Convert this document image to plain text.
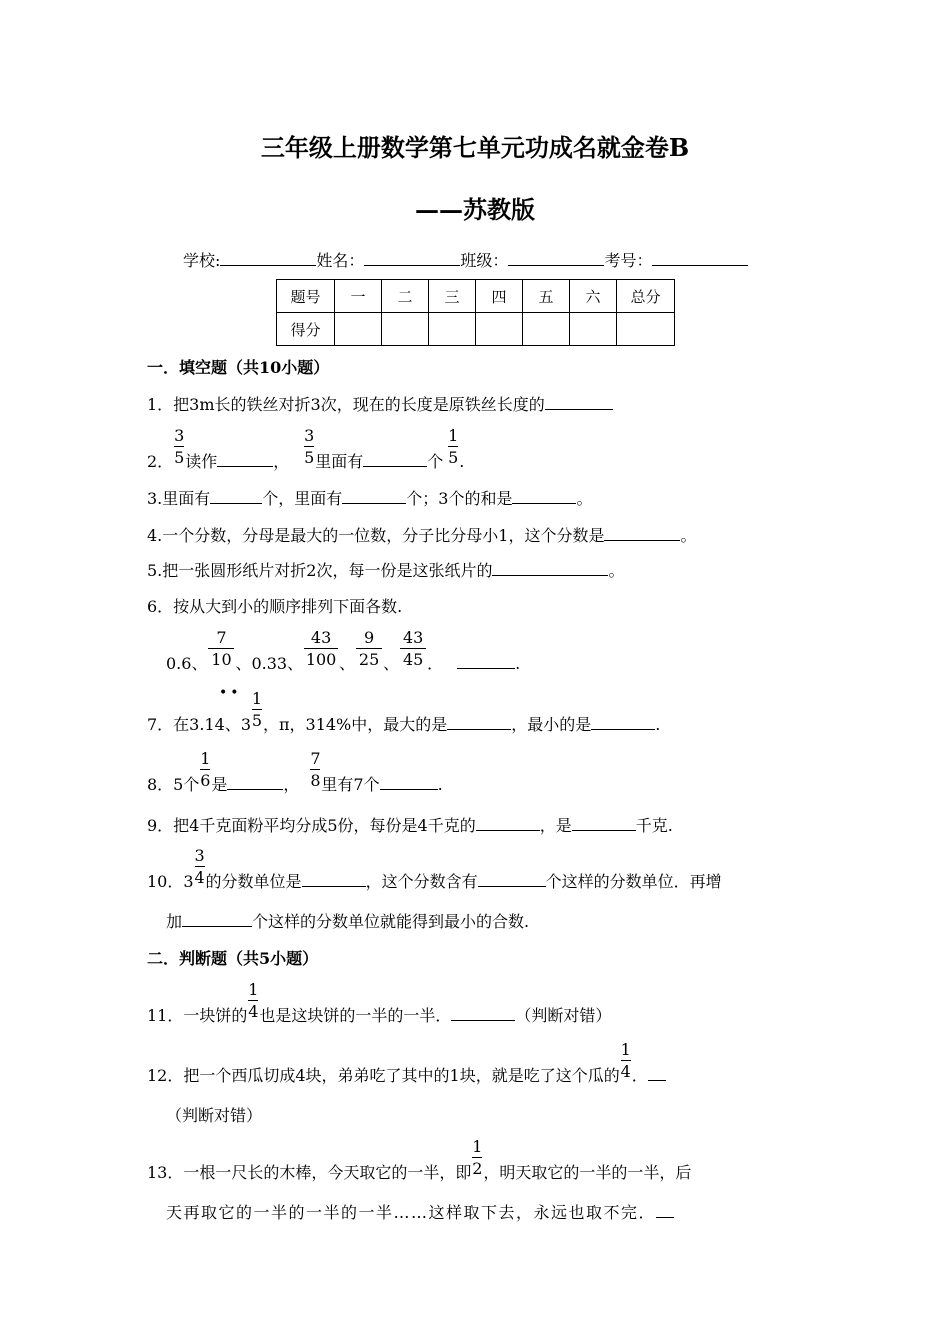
三年级上册数学第七单元功成名就金卷B
——苏教版
学校:	姓名：	班级：	考号：
题号	一	二	三	四	五	六	总分
得分							
一．填空题（共10小题）
1．把3m长的铁丝对折3次，现在的长度是原铁丝长度的
2． $\frac{3}{5}$ 读作	， $\frac{3}{5}$ 里面有	个 $\frac{1}{5}$ .
3.里面有	个，里面有	个；3个的和是	。
4.一个分数，分母是最大的一位数，分子比分母小1，这个分数是	。
5.把一张圆形纸片对折2次，每一份是这张纸片的	。
6．按从大到小的顺序排列下面各数.
0.6、 $\frac{7}{10}$ 、0.33、 $\frac{43}{100}$ 、 $\frac{9}{25}$ 、 $\frac{43}{45}$ ．	.
••
7．在3.14、$3 \frac{1}{5}$ ，π，314%中，最大的是	，最小的是	.
8．5个 $\frac{1}{6}$ 是	， $\frac{7}{8}$ 里有7个	.
9．把4千克面粉平均分成5份，每份是4千克的	，是	千克.
10．$3 \frac{3}{4}$ 的分数单位是	，这个分数含有	个这样的分数单位．再增
加	个这样的分数单位就能得到最小的合数.
二．判断题（共5小题）
11．一块饼的 $\frac{1}{4}$ 也是这块饼的一半的一半．	（判断对错）
12．把一个西瓜切成4块，弟弟吃了其中的1块，就是吃了这个瓜的 $\frac{1}{4}$ ．
（判断对错）
13．一根一尺长的木棒，今天取它的一半，即 $\frac{1}{2}$ ，明天取它的一半的一半，后
天再取它的一半的一半的一半……这样取下去，永远也取不完．
